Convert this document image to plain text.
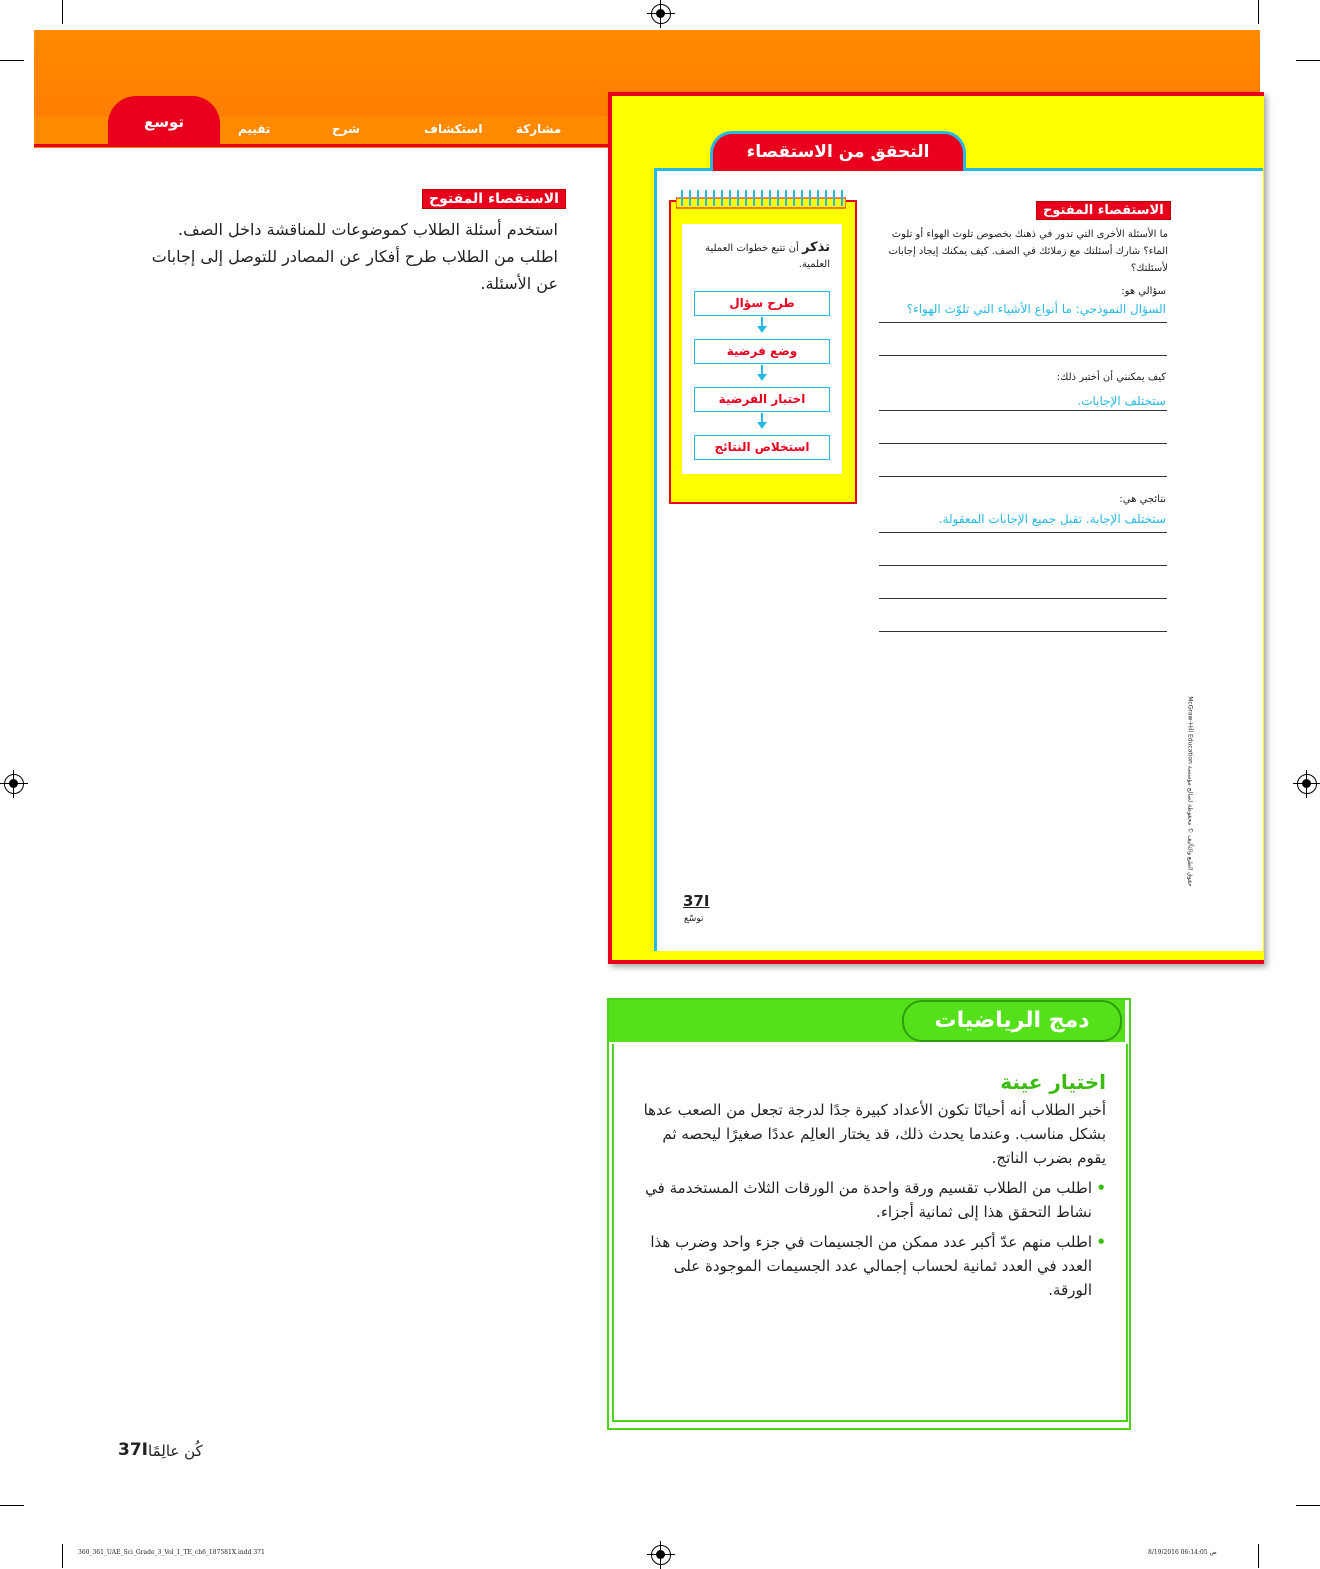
توسع	تقييم	شرح	استكشاف	مشاركة
الاستقصاء المفتوح
استخدم أسئلة الطلاب كموضوعات للمناقشة داخل الصف. اطلب من الطلاب طرح أفكار عن المصادر للتوصل إلى إجابات عن الأسئلة.
التحقق من الاستقصاء
الاستقصاء المفتوح
ما الأسئلة الأخرى التي تدور في ذهنك بخصوص تلوث الهواء أو تلوث الماء؟ شارك أسئلتك مع زملائك في الصف. كيف يمكنك إيجاد إجابات لأسئلتك؟
سؤالي هو:
السؤال النموذجي: ما أنواع الأشياء التي تلوّث الهواء؟
كيف يمكنني أن أختبر ذلك:
ستختلف الإجابات.
نتائجي هي:
ستختلف الإجابة. تقبل جميع الإجابات المعقولة.
تذكر أن تتبع خطوات العملية العلمية.
طرح سؤال
وضع فرضية
اختبار الفرضية
استخلاص النتائج
37I
توسّع
حقوق الطبع والتأليف © محفوظة لصالح مؤسسة McGraw-Hill Education
دمج الرياضيات
اختيار عينة

أخبر الطلاب أنه أحيانًا تكون الأعداد كبيرة جدًا لدرجة تجعل من الصعب عدها بشكل مناسب. وعندما يحدث ذلك، قد يختار العالِم عددًا صغيرًا ليحصه ثم يقوم بضرب الناتج.

•
اطلب من الطلاب تقسيم ورقة واحدة من الورقات الثلاث المستخدمة في نشاط التحقق هذا إلى ثمانية أجزاء.
•
اطلب منهم عدّ أكبر عدد ممكن من الجسيمات في جزء واحد وضرب هذا العدد في العدد ثمانية لحساب إجمالي عدد الجسيمات الموجودة على الورقة.
37I كُن عالِمًا
360_361_UAE_Sci_Grade_3_Vol_1_TE_ch6_187581X.indd 371	8/19/2016 06:14:05 ص
